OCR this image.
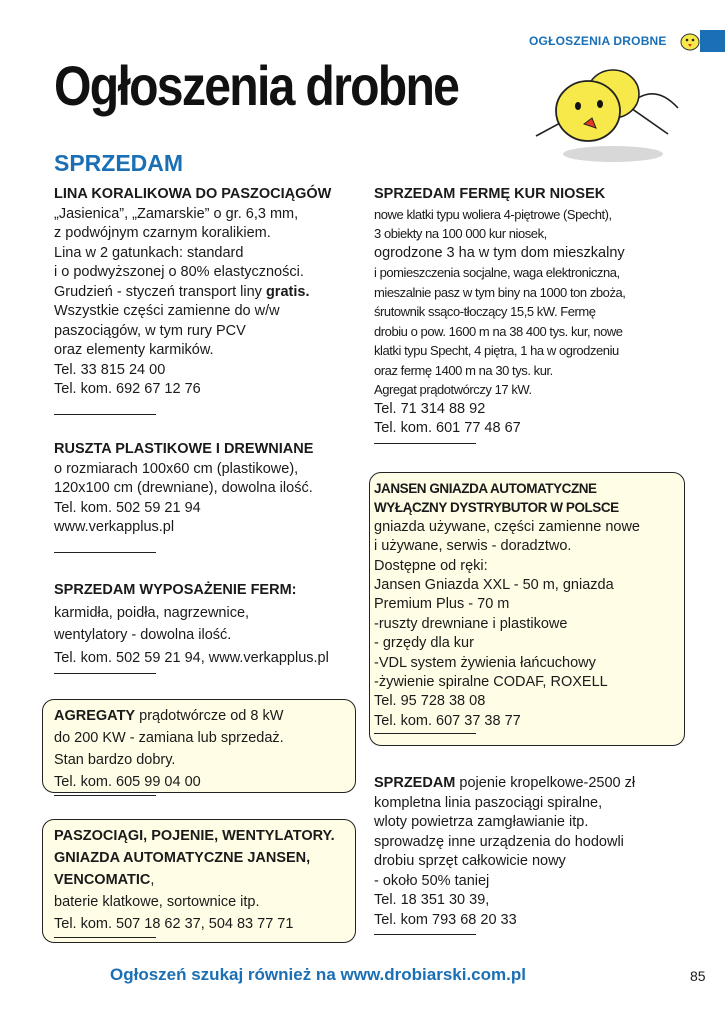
OGŁOSZENIA DROBNE
Ogłoszenia drobne
SPRZEDAM
LINA KORALIKOWA DO PASZOCIĄGÓW
„Jasienica”, „Zamarskie” o gr. 6,3 mm,
z podwójnym czarnym koralikiem.
Lina w 2 gatunkach: standard
i o podwyższonej o 80% elastyczności.
Grudzień - styczeń transport liny gratis.
Wszystkie części zamienne do w/w
paszociągów, w tym rury PCV
oraz elementy karmików.
Tel. 33 815 24 00
Tel. kom. 692 67 12 76
RUSZTA PLASTIKOWE I DREWNIANE
o rozmiarach 100x60 cm (plastikowe),
120x100 cm (drewniane), dowolna ilość.
Tel. kom. 502 59 21 94
www.verkapplus.pl
SPRZEDAM WYPOSAŻENIE FERM:
karmidła, poidła, nagrzewnice,
wentylatory - dowolna ilość.
Tel. kom. 502 59 21 94, www.verkapplus.pl
AGREGATY prądotwórcze od 8 kW
do 200 KW - zamiana lub sprzedaż.
Stan bardzo dobry.
Tel. kom. 605 99 04 00
PASZOCIĄGI, POJENIE, WENTYLATORY.
GNIAZDA AUTOMATYCZNE JANSEN,
VENCOMATIC,
baterie klatkowe, sortownice itp.
Tel. kom. 507 18 62 37, 504 83 77 71
SPRZEDAM FERMĘ KUR NIOSEK
nowe klatki typu woliera 4-piętrowe (Specht),
3 obiekty na 100 000 kur niosek,
ogrodzone 3 ha w tym dom mieszkalny
i pomieszczenia socjalne, waga elektroniczna,
mieszalnie pasz w tym biny na 1000 ton zboża,
śrutownik ssąco-tłoczący 15,5 kW. Fermę
drobiu o pow. 1600 m na 38 400 tys. kur, nowe
klatki typu Specht, 4 piętra, 1 ha w ogrodzeniu
oraz fermę 1400 m na 30 tys. kur.
Agregat prądotwórczy 17 kW.
Tel. 71 314 88 92
Tel. kom. 601 77 48 67
JANSEN GNIAZDA AUTOMATYCZNE
WYŁĄCZNY DYSTRYBUTOR W POLSCE
gniazda używane, części zamienne nowe
i używane, serwis - doradztwo.
Dostępne od ręki:
Jansen Gniazda XXL - 50 m, gniazda
Premium Plus - 70 m
-ruszty drewniane i plastikowe
- grzędy dla kur
-VDL system żywienia łańcuchowy
-żywienie spiralne CODAF, ROXELL
Tel. 95 728 38 08
Tel. kom. 607 37 38 77
SPRZEDAM pojenie kropelkowe-2500 zł
kompletna linia paszociągi spiralne,
wloty powietrza zamgławianie itp.
sprowadzę inne urządzenia do hodowli
drobiu sprzęt całkowicie nowy
- około 50% taniej
Tel. 18 351 30 39,
Tel. kom 793 68 20 33
Ogłoszeń szukaj również na www.drobiarski.com.pl	85
